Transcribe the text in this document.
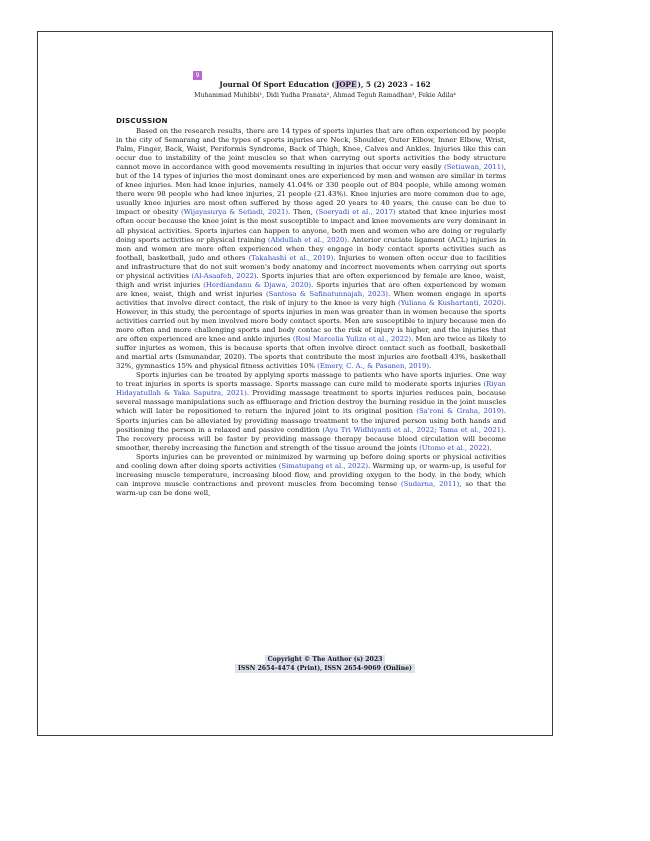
9
Journal Of Sport Education (JOPE), 5 (2) 2023 - 162
Muhammad Muhibbi¹, Didi Yudha Pranata², Ahmad Teguh Ramadhan³, Fekie Adila⁴
DISCUSSION

Based on the research results, there are 14 types of sports injuries that are often experienced by people in the city of Semarang and the types of sports injuries are Neck, Shoulder, Outer Elbow, Inner Elbow, Wrist, Palm, Finger, Back, Waist, Periformis Syndrome, Back of Thigh, Knee, Calves and Ankles. Injuries like this can occur due to instability of the joint muscles so that when carrying out sports activities the body structure cannot move in accordance with good movements resulting in injuries that occur very easily (Setiawan, 2011), but of the 14 types of injuries the most dominant ones are experienced by men and women are similar in terms of knee injuries. Men had knee injuries, namely 41.04% or 330 people out of 804 people, while among women there were 98 people who had knee injuries, 21 people (21.43%). Knee injuries are more common due to age, usually knee injuries are most often suffered by those aged 20 years to 40 years, the cause can be due to impact or obesity (Wijayasurya & Setiadi, 2021). Then, (Soeryadi et al., 2017) stated that knee injuries most often occur because the knee joint is the most susceptible to impact and knee movements are very dominant in all physical activities. Sports injuries can happen to anyone, both men and women who are doing or regularly doing sports activities or physical training (Abdullah et al., 2020). Anterior cruciate ligament (ACL) injuries in men and women are more often experienced when they engage in body contact sports activities such as football, basketball, judo and others (Takahashi et al., 2019). Injuries to women often occur due to facilities and infrastructure that do not suit women's body anatomy and incorrect movements when carrying out sports or physical activities (Al-Asaafeh, 2022). Sports injuries that are often experienced by female are knee, waist, thigh and wrist injuries (Herdiandanu & Djawa, 2020). Sports injuries that are often experienced by women are knee, waist, thigh and wrist injuries (Santosa & Safinatunnajah, 2023). When women engage in sports activities that involve direct contact, the risk of injury to the knee is very high (Yuliana & Kushartanti, 2020). However, in this study, the percentage of sports injuries in men was greater than in women because the sports activities carried out by men involved more body contact sports. Men are susceptible to injury because men do more often and more challenging sports and body contac so the risk of injury is higher, and the injuries that are often experienced are knee and ankle injuries (Rosi Marcelia Yuliza et al., 2022). Men are twice as likely to suffer injuries as women, this is because sports that often involve direct contact such as football, basketball and martial arts (Ismunandar, 2020). The sports that contribute the most injuries are football 43%, basketball 32%, gymnastics 15% and physical fitness activities 10% (Emery, C. A., & Pasanen, 2019).

Sports injuries can be treated by applying sports massage to patients who have sports injuries. One way to treat injuries in sports is sports massage. Sports massage can cure mild to moderate sports injuries (Riyan Hidayatullah & Yaka Saputra, 2021). Providing massage treatment to sports injuries reduces pain, because several massage manipulations such as effluerage and friction destroy the burning residue in the joint muscles which will later be repositioned to return the injured joint to its original position (Sa'roni & Graha, 2019). Sports injuries can be alleviated by providing massage treatment to the injured person using both hands and positioning the person in a relaxed and passive condition (Ayu Tri Widhiyanti et al., 2022; Tama et al., 2021). The recovery process will be faster by providing massage therapy because blood circulation will become smoother, thereby increasing the function and strength of the tissue around the joints (Utomo et al., 2022).

Sports injuries can be prevented or minimized by warming up before doing sports or physical activities and cooling down after doing sports activities (Simatupang et al., 2022). Warming up, or warm-up, is useful for increasing muscle temperature, increasing blood flow, and providing oxygen to the body. in the body, which can improve muscle contractions and prevent muscles from becoming tense (Sudarna, 2011), so that the warm-up can be done well,

Copyright © The Author (s) 2023
ISSN 2654-4474 (Print), ISSN 2654-9069 (Online)
